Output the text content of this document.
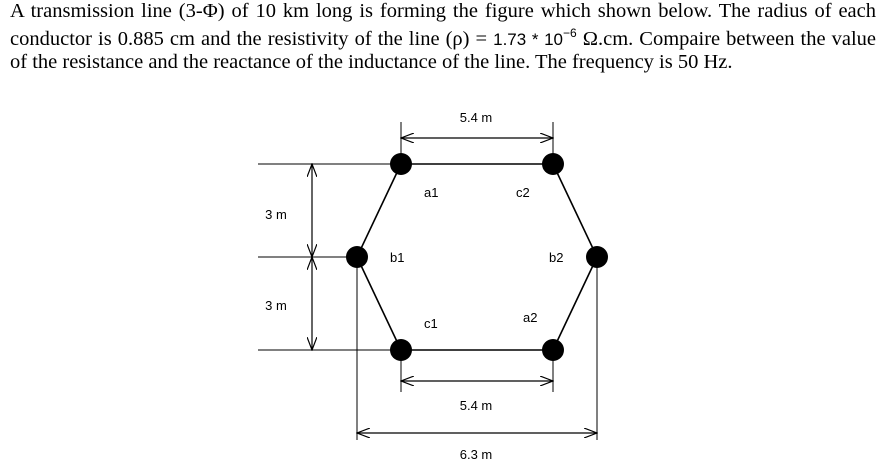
A transmission line (3-Φ) of 10 km long is forming the figure which shown below. The radius of each conductor is 0.885 cm and the resistivity of the line $(\rho) = 1.73 * 10^{-6}$ Ω.cm. Compaire between the value of the resistance and the reactance of the inductance of the line. The frequency is 50 Hz.
5.4 m
5.4 m
6.3 m
3 m
3 m
a1	c2
b1	b2
c1	a2
